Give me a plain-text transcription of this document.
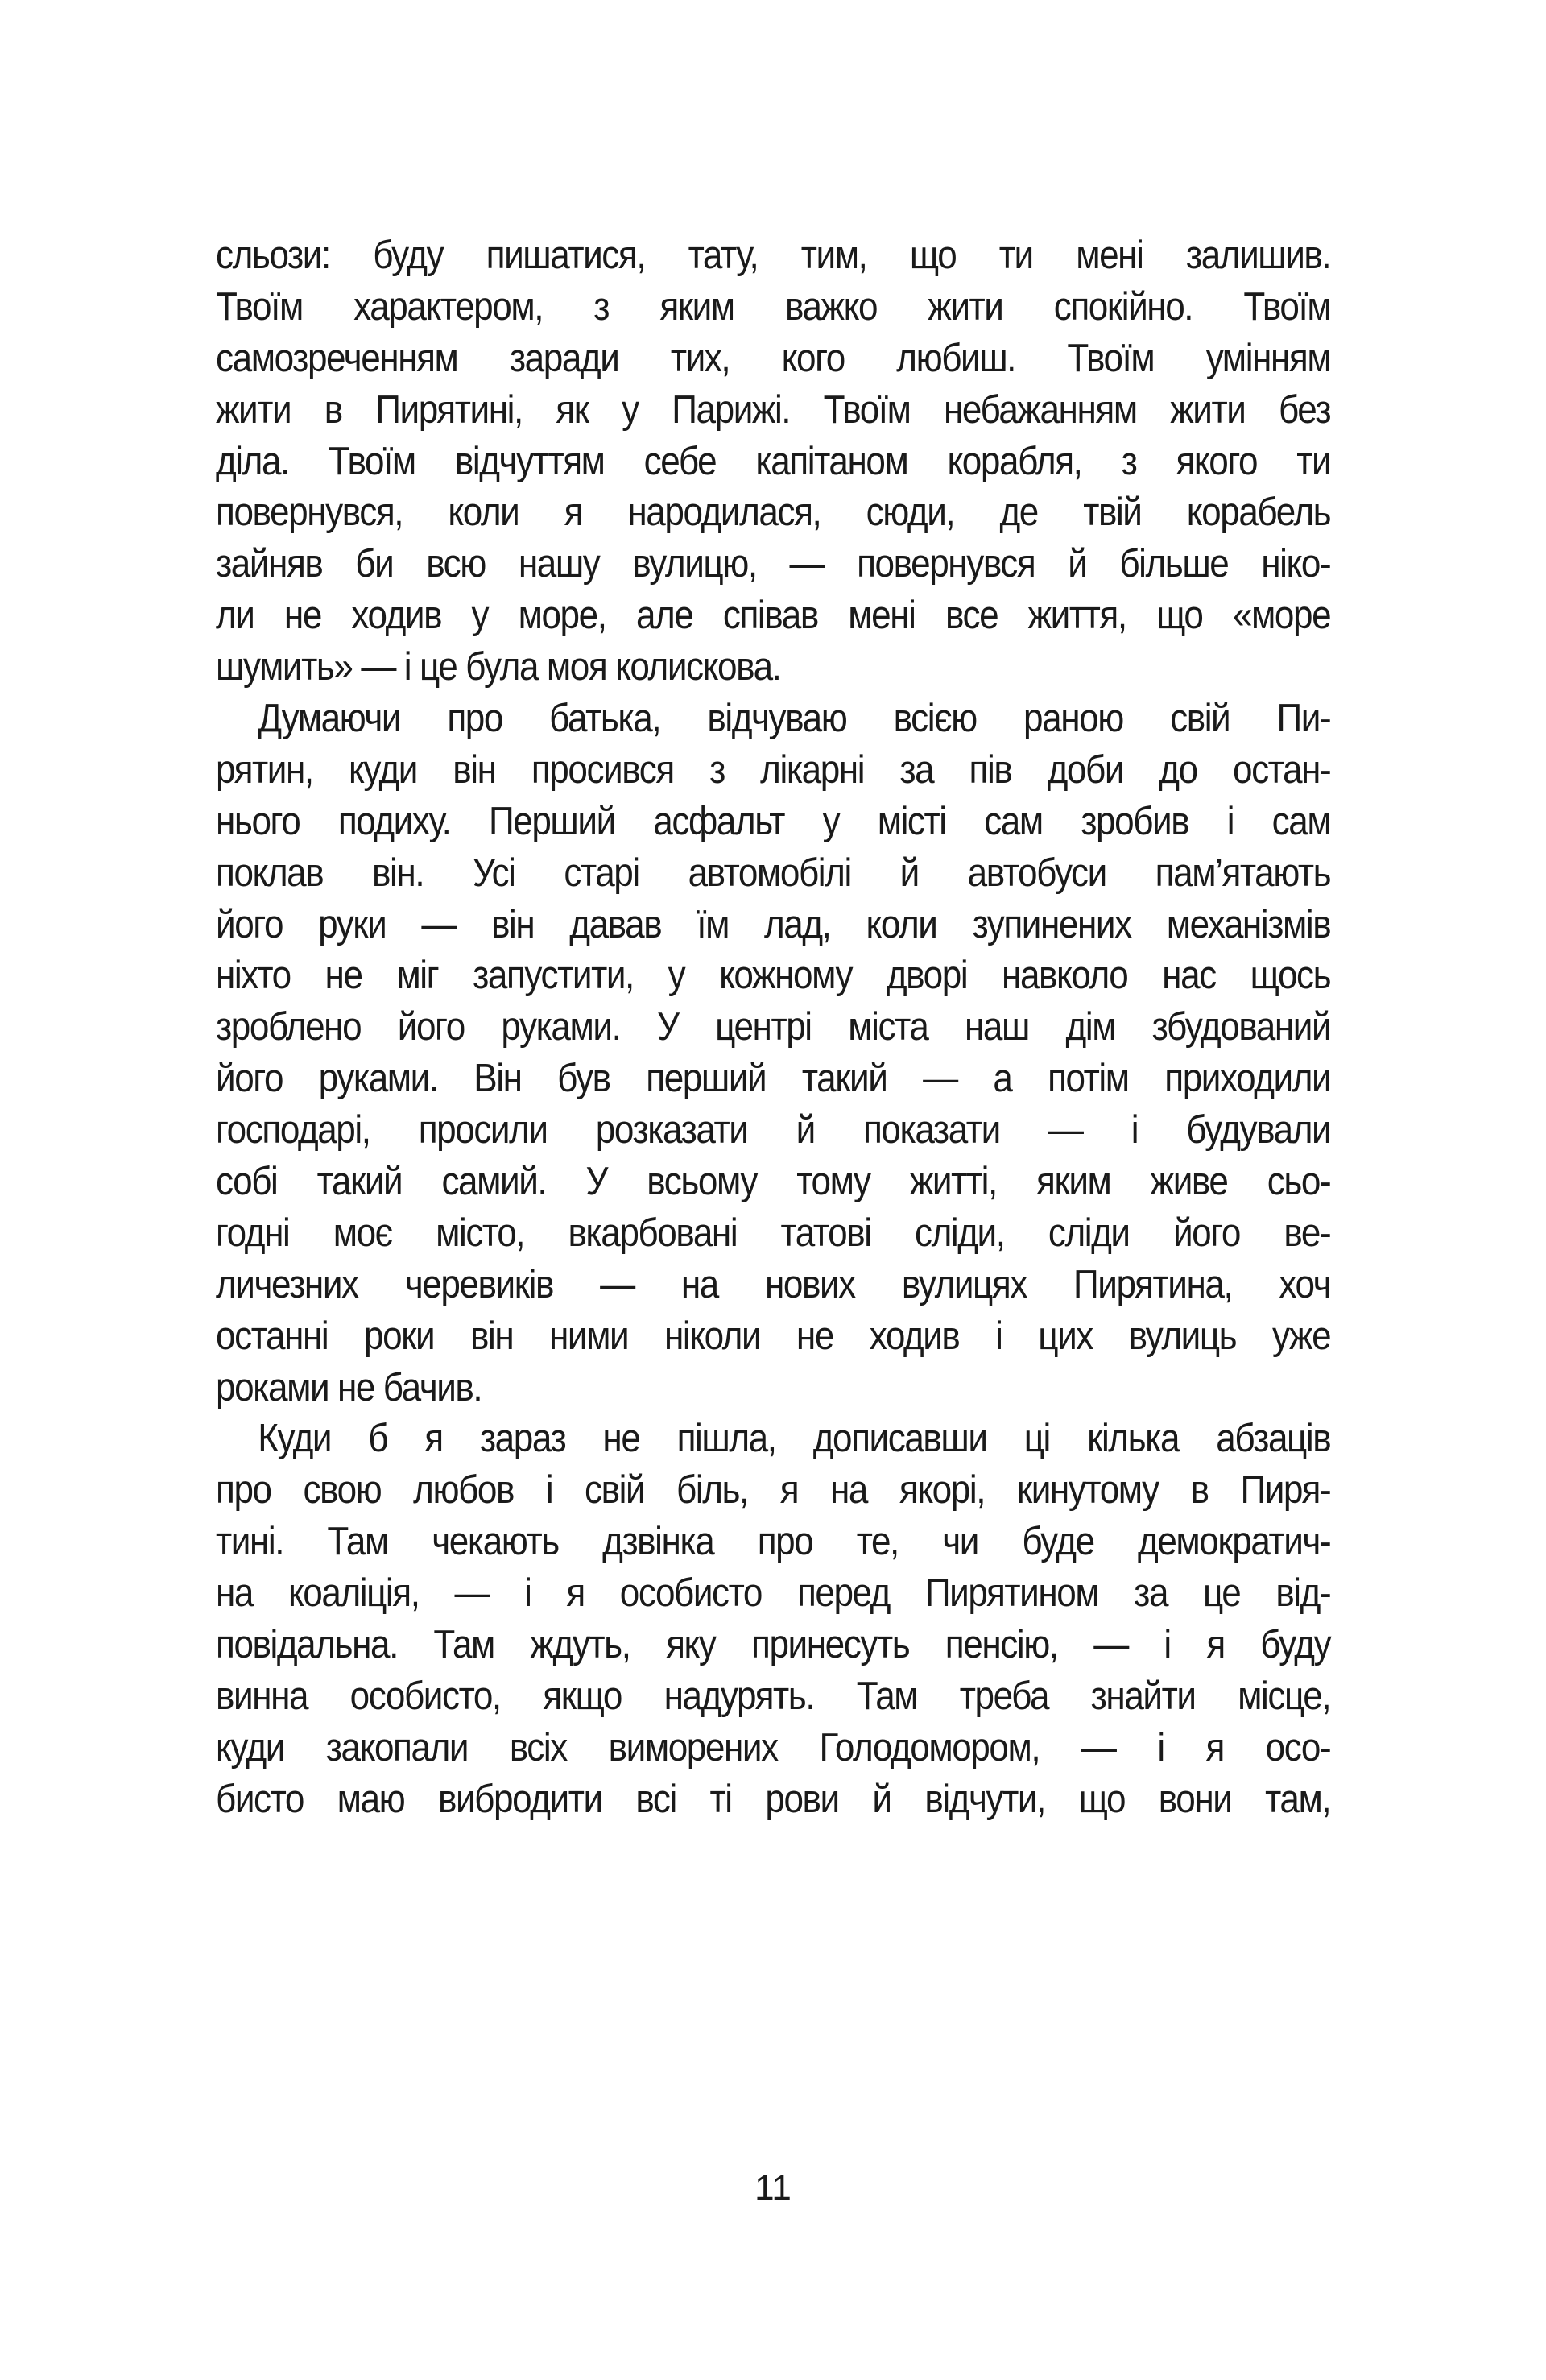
сльози: буду пишатися, тату, тим, що ти мені залишив.
Твоїм характером, з яким важко жити спокійно. Твоїм
самозреченням заради тих, кого любиш. Твоїм умінням
жити в Пирятині, як у Парижі. Твоїм небажанням жити без
діла. Твоїм відчуттям себе капітаном корабля, з якого ти
повернувся, коли я народилася, сюди, де твій корабель
зайняв би всю нашу вулицю, — повернувся й більше ніко-
ли не ходив у море, але співав мені все життя, що «море
шумить» — і це була моя колискова.
Думаючи про батька, відчуваю всією раною свій Пи-
рятин, куди він просився з лікарні за пів доби до остан-
нього подиху. Перший асфальт у місті сам зробив і сам
поклав він. Усі старі автомобілі й автобуси пам’ятають
його руки — він давав їм лад, коли зупинених механізмів
ніхто не міг запустити, у кожному дворі навколо нас щось
зроблено його руками. У центрі міста наш дім збудований
його руками. Він був перший такий — а потім приходили
господарі, просили розказати й показати — і будували
собі такий самий. У всьому тому житті, яким живе сьо-
годні моє місто, вкарбовані татові сліди, сліди його ве-
личезних черевиків — на нових вулицях Пирятина, хоч
останні роки він ними ніколи не ходив і цих вулиць уже
роками не бачив.
Куди б я зараз не пішла, дописавши ці кілька абзаців
про свою любов і свій біль, я на якорі, кинутому в Пиря-
тині. Там чекають дзвінка про те, чи буде демократич-
на коаліція, — і я особисто перед Пирятином за це від-
повідальна. Там ждуть, яку принесуть пенсію, — і я буду
винна особисто, якщо надурять. Там треба знайти місце,
куди закопали всіх виморених Голодомором, — і я осо-
бисто маю вибродити всі ті рови й відчути, що вони там,
11
